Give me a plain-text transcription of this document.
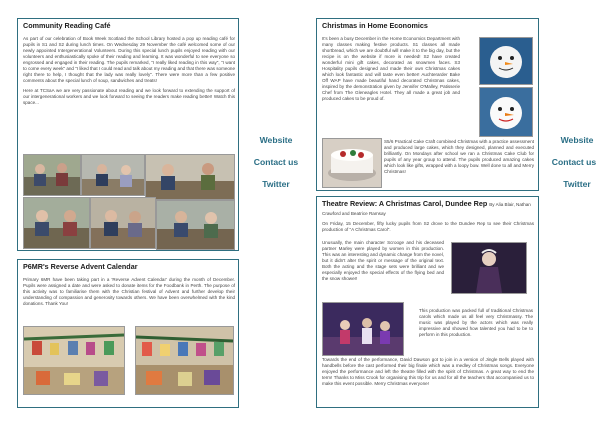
Community Reading Café

As part of our celebration of Book Week Scotland the School Library hosted a pop up reading café for pupils in S1 and S2 during lunch times. On Wednesday 29 November the café welcomed some of our newly appointed Intergenerational Volunteers. During this special lunch pupils enjoyed reading with our volunteers and enthusiastically spoke of their reading and learning. It was wonderful to see everyone so engrossed and engaged in their reading. The pupils remarked, "I really liked reading in this way", "I want to come every week" and "I liked that I could read and talk about my reading and that there was someone right there to help, I thought that the lady was really lovely". There were more than a few positive comments about the special lunch of soup, sandwiches and treats!

Here at TCSaA we are very passionate about reading and we look forward to extending the support of our intergenerational workers and we look forward to seeing the readers make reading better! Watch this space...

P6MR's Reverse Advent Calendar

Primary 6MR have been taking part in a 'Reverse Advent Calendar' during the month of December. Pupils were assigned a date and were asked to donate items for the Foodbank in Perth. The purpose of this activity was to familiarise them with the Christian festival of Advent and further develop their understanding of compassion and generosity towards others. We have been overwhelmed with the kind donations. Thank You!

Website
Contact us
Twitter
Website
Contact us
Twitter

Christmas in Home Economics

It's been a busy December in the Home Economics Department with many classes making festive products. S1 classes all made shortbread, which we are doubtful will make it to the big day, but the recipe is on the website if more is needed! S2 have created wonderful mini gift cakes, decorated as snowmen faces. S3 Hospitality pupils designed and made their own Christmas cakes which look fantastic and will taste even better! Auchterarder Bake Off WAP have made beautiful hand decorated Christmas cakes, inspired by the demonstration given by Jennifer O'Malley, Patisserie Chef from The Gleneagles Hotel. They all made a great job and produced cakes to be proud of.

S5/6 Practical Cake Craft combined Christmas with a practice assessment and produced large cakes, which they designed, planned and executed brilliantly. On Mondays after school we ran a Christmas Cake Club for pupils of any year group to attend. The pupils produced amazing cakes which look like gifts, wrapped with a loopy bow. Well done to all and Merry Christmas!

Theatre Review: A Christmas Carol, Dundee Rep By Alia Blair, Nathan Crawford and Beatrice Ramsay

On Friday, 15 December, fifty lucky pupils from S2 drove to the Dundee Rep to see their Christmas production of "A Christmas Carol".

Unusually, the main character Scrooge and his deceased partner Marley were played by women in this production. This was an interesting and dynamic change from the novel, but it didn't alter the spirit or message of the original text. Both the acting and the stage sets were brilliant and we especially enjoyed the special effects of the flying bed and the snow shower!

This production was packed full of traditional Christmas carols which made us all feel very Christmassy. The music was played by the actors which was really impressive and showed how talented you had to be to perform in this production.

Towards the end of the performance, David Dawson got to join in a version of Jingle Bells played with handbells before the cast performed their big finale which was a medley of Christmas songs. Everyone enjoyed the performance and left the theatre filled with the spirit of Christmas. A great way to end the term! Thanks to Miss Crook for organising this trip for us and for all the teachers that accompanied us to make this event possible. Merry Christmas everyone!
